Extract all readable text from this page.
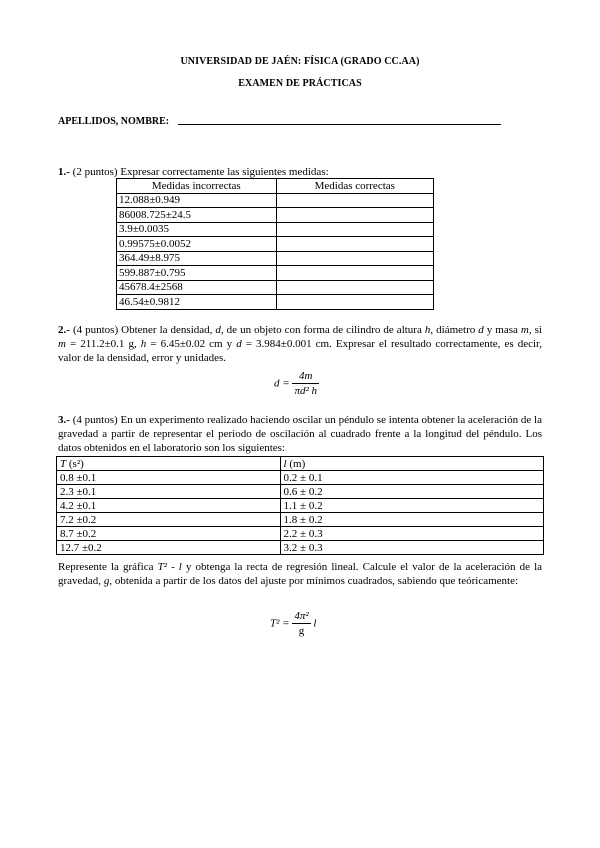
UNIVERSIDAD DE JAÉN: FÍSICA (GRADO CC.AA)
EXAMEN DE PRÁCTICAS
APELLIDOS, NOMBRE:
1.- (2 puntos) Expresar correctamente las siguientes medidas:
Medidas incorrectas	Medidas correctas
12.088±0.949	
86008.725±24.5	
3.9±0.0035	
0.99575±0.0052	
364.49±8.975	
599.887±0.795	
45678.4±2568	
46.54±0.9812	
2.- (4 puntos) Obtener la densidad, d, de un objeto con forma de cilindro de altura h, diámetro d y masa m, si m = 211.2±0.1 g, h = 6.45±0.02 cm y d = 3.984±0.001 cm. Expresar el resultado correctamente, es decir, valor de la densidad, error y unidades.
$d = \frac{4m}{\text{πd² h}}$
3.- (4 puntos) En un experimento realizado haciendo oscilar un péndulo se intenta obtener la aceleración de la gravedad a partir de representar el periodo de oscilación al cuadrado frente a la longitud del péndulo. Los datos obtenidos en el laboratorio son los siguientes:
T (s²)	l (m)
0.8 ±0.1	0.2 ± 0.1
2.3 ±0.1	0.6 ± 0.2
4.2 ±0.1	1.1 ± 0.2
7.2 ±0.2	1.8 ± 0.2
8.7 ±0.2	2.2 ± 0.3
12.7 ±0.2	3.2 ± 0.3
Represente la gráfica T² - l y obtenga la recta de regresión lineal. Calcule el valor de la aceleración de la gravedad, g, obtenida a partir de los datos del ajuste por mínimos cuadrados, sabiendo que teóricamente:
$T^2 = \frac{\text{4π²}}{g}$ l
